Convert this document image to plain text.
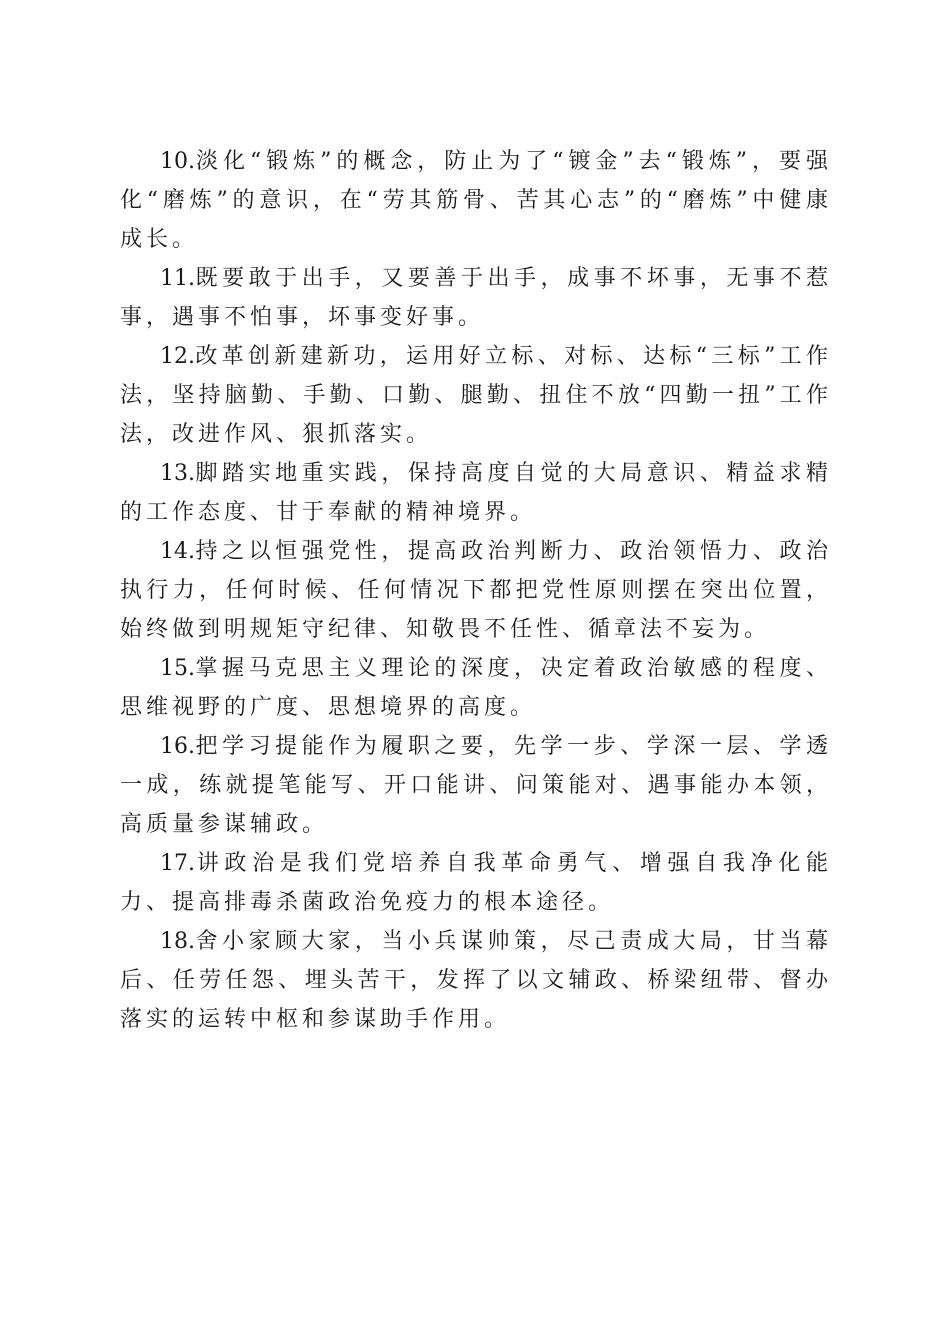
10.淡化“锻炼”的概念，防止为了“镀金”去“锻炼”，要强化“磨炼”的意识，在“劳其筋骨、苦其心志”的“磨炼”中健康成长。

11.既要敢于出手，又要善于出手，成事不坏事，无事不惹事，遇事不怕事，坏事变好事。

12.改革创新建新功，运用好立标、对标、达标“三标”工作法，坚持脑勤、手勤、口勤、腿勤、扭住不放“四勤一扭”工作法，改进作风、狠抓落实。

13.脚踏实地重实践，保持高度自觉的大局意识、精益求精的工作态度、甘于奉献的精神境界。

14.持之以恒强党性，提高政治判断力、政治领悟力、政治执行力，任何时候、任何情况下都把党性原则摆在突出位置，始终做到明规矩守纪律、知敬畏不任性、循章法不妄为。

15.掌握马克思主义理论的深度，决定着政治敏感的程度、思维视野的广度、思想境界的高度。

16.把学习提能作为履职之要，先学一步、学深一层、学透一成，练就提笔能写、开口能讲、问策能对、遇事能办本领，高质量参谋辅政。

17.讲政治是我们党培养自我革命勇气、增强自我净化能力、提高排毒杀菌政治免疫力的根本途径。

18.舍小家顾大家，当小兵谋帅策，尽己责成大局，甘当幕后、任劳任怨、埋头苦干，发挥了以文辅政、桥梁纽带、督办落实的运转中枢和参谋助手作用。
